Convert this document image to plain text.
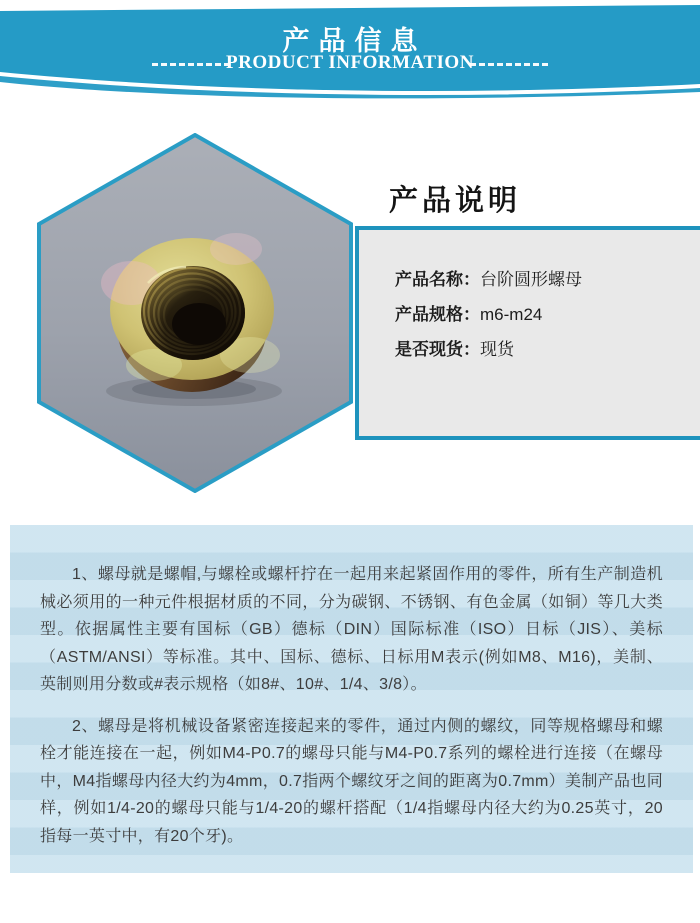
产品信息
PRODUCT INFORMATION
产品说明
产品名称：台阶圆形螺母
产品规格：m6-m24
是否现货：现货

1、螺母就是螺帽,与螺栓或螺杆拧在一起用来起紧固作用的零件，所有生产制造机械必须用的一种元件根据材质的不同，分为碳钢、不锈钢、有色金属（如铜）等几大类型。依据属性主要有国标（GB）德标（DIN）国际标准（ISO）日标（JIS）、美标（ASTM/ANSI）等标准。其中、国标、德标、日标用M表示(例如M8、M16)，美制、英制则用分数或#表示规格（如8#、10#、1/4、3/8）。

2、螺母是将机械设备紧密连接起来的零件，通过内侧的螺纹，同等规格螺母和螺栓才能连接在一起，例如M4-P0.7的螺母只能与M4-P0.7系列的螺栓进行连接（在螺母中，M4指螺母内径大约为4mm，0.7指两个螺纹牙之间的距离为0.7mm）美制产品也同样，例如1/4-20的螺母只能与1/4-20的螺杆搭配（1/4指螺母内径大约为0.25英寸，20指每一英寸中，有20个牙)。
